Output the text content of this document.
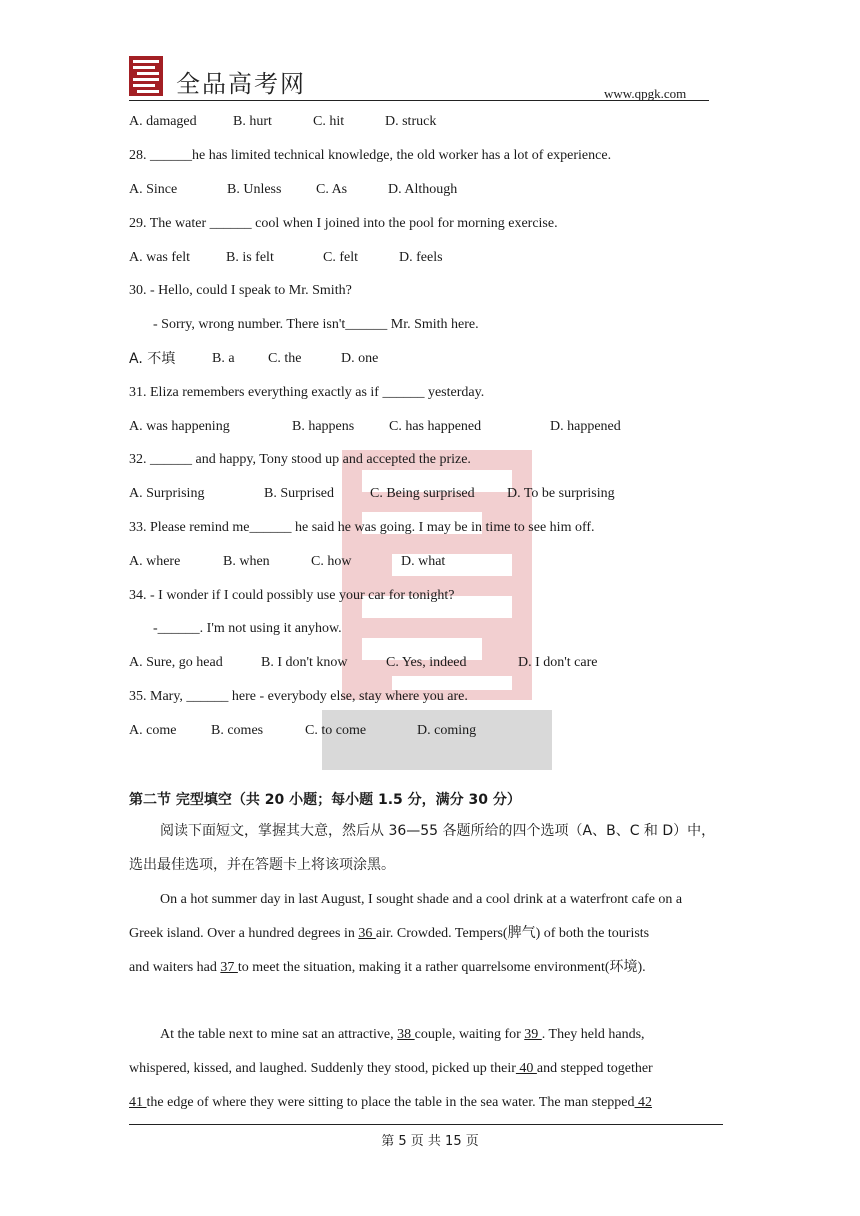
全品高考网	www.qpgk.com
A. damaged	B. hurt	C. hit	D. struck
28. ______he has limited technical knowledge, the old worker has a lot of experience.
A. Since	B. Unless C. As	D. Although
29. The water ______ cool when I joined into the pool for morning exercise.
A. was felt	B. is felt	C. felt	D. feels
30. - Hello, could I speak to Mr. Smith?
- Sorry, wrong number. There isn't______ Mr. Smith here.
A. 不填	B. a C. the	D. one
31. Eliza remembers everything exactly as if ______ yesterday.
A. was happening	B. happens C. has happened	D. happened
32. ______ and happy, Tony stood up and accepted the prize.
A. Surprising	B. Surprised	C. Being surprised D. To be surprising
33. Please remind me______ he said he was going. I may be in time to see him off.
A. where	B. when	C. how	D. what
34. - I wonder if I could possibly use your car for tonight?
-______. I'm not using it anyhow.
A. Sure, go head	B. I don't know	C. Yes, indeed	D. I don't care
35. Mary, ______ here - everybody else, stay where you are.
A. come B. comes	C. to come	D. coming
第二节 完型填空（共 20 小题；每小题 1.5 分，满分 30 分）
阅读下面短文，掌握其大意，然后从 36—55 各题所给的四个选项（A、B、C 和 D）中，
选出最佳选项，并在答题卡上将该项涂黑。
On a hot summer day in last August, I sought shade and a cool drink at a waterfront cafe on a
Greek island. Over a hundred degrees in 36 air. Crowded. Tempers(脾气) of both the tourists
and waiters had 37 to meet the situation, making it a rather quarrelsome environment(环境).
At the table next to mine sat an attractive, 38 couple, waiting for 39 . They held hands,
whispered, kissed, and laughed. Suddenly they stood, picked up their 40 and stepped together
41 the edge of where they were sitting to place the table in the sea water. The man stepped 42
第 5 页 共 15 页
